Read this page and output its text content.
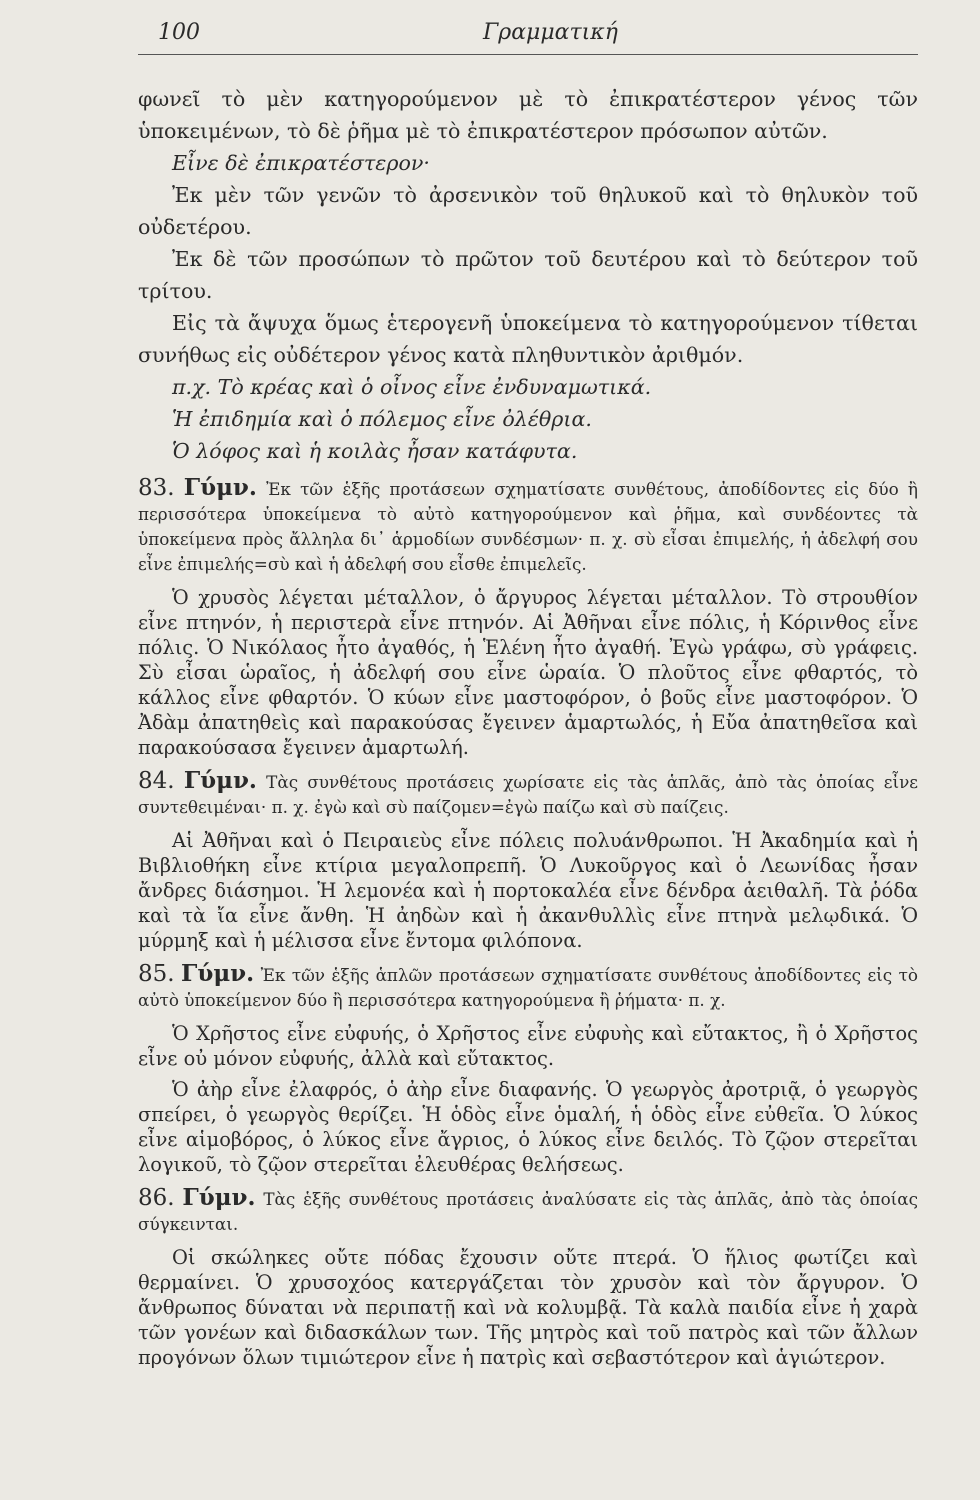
100	Γραμματική

φωνεῖ τὸ μὲν κατηγορούμενον μὲ τὸ ἐπικρατέστερον γένος τῶν ὑποκειμένων, τὸ δὲ ῥῆμα μὲ τὸ ἐπικρατέστερον πρόσωπον αὐτῶν.

Εἶνε δὲ ἐπικρατέστερον·

Ἐκ μὲν τῶν γενῶν τὸ ἀρσενικὸν τοῦ θηλυκοῦ καὶ τὸ θηλυκὸν τοῦ οὐδετέρου.

Ἐκ δὲ τῶν προσώπων τὸ πρῶτον τοῦ δευτέρου καὶ τὸ δεύτερον τοῦ τρίτου.

Εἰς τὰ ἄψυχα ὅμως ἑτερογενῆ ὑποκείμενα τὸ κατηγορούμενον τίθεται συνήθως εἰς οὐδέτερον γένος κατὰ πληθυντικὸν ἀριθμόν.

π.χ. Τὸ κρέας καὶ ὁ οἶνος εἶνε ἐνδυναμωτικά.

Ἡ ἐπιδημία καὶ ὁ πόλεμος εἶνε ὀλέθρια.

Ὁ λόφος καὶ ἡ κοιλὰς ἦσαν κατάφυτα.

83. Γύμν. Ἐκ τῶν ἑξῆς προτάσεων σχηματίσατε συνθέτους, ἀποδίδοντες εἰς δύο ἢ περισσότερα ὑποκείμενα τὸ αὐτὸ κατηγορούμενον καὶ ῥῆμα, καὶ συνδέοντες τὰ ὑποκείμενα πρὸς ἄλληλα δι᾽ ἁρμοδίων συνδέσμων· π. χ. σὺ εἶσαι ἐπιμελής, ἡ ἀδελφή σου εἶνε ἐπιμελής=σὺ καὶ ἡ ἀδελφή σου εἶσθε ἐπιμελεῖς.

Ὁ χρυσὸς λέγεται μέταλλον, ὁ ἄργυρος λέγεται μέταλλον. Τὸ στρουθίον εἶνε πτηνόν, ἡ περιστερὰ εἶνε πτηνόν. Αἱ Ἀθῆναι εἶνε πόλις, ἡ Κόρινθος εἶνε πόλις. Ὁ Νικόλαος ἦτο ἀγαθός, ἡ Ἑλένη ἦτο ἀγαθή. Ἐγὼ γράφω, σὺ γράφεις. Σὺ εἶσαι ὡραῖος, ἡ ἀδελφή σου εἶνε ὡραία. Ὁ πλοῦτος εἶνε φθαρτός, τὸ κάλλος εἶνε φθαρτόν. Ὁ κύων εἶνε μαστοφόρον, ὁ βοῦς εἶνε μαστοφόρον. Ὁ Ἀδὰμ ἀπατηθεὶς καὶ παρακούσας ἔγεινεν ἁμαρτωλός, ἡ Εὔα ἀπατηθεῖσα καὶ παρακούσασα ἔγεινεν ἁμαρτωλή.

84. Γύμν. Τὰς συνθέτους προτάσεις χωρίσατε εἰς τὰς ἁπλᾶς, ἀπὸ τὰς ὁποίας εἶνε συντεθειμέναι· π. χ. ἐγὼ καὶ σὺ παίζομεν=ἐγὼ παίζω καὶ σὺ παίζεις.

Αἱ Ἀθῆναι καὶ ὁ Πειραιεὺς εἶνε πόλεις πολυάνθρωποι. Ἡ Ἀκαδημία καὶ ἡ Βιβλιοθήκη εἶνε κτίρια μεγαλοπρεπῆ. Ὁ Λυκοῦργος καὶ ὁ Λεωνίδας ἦσαν ἄνδρες διάσημοι. Ἡ λεμονέα καὶ ἡ πορτοκαλέα εἶνε δένδρα ἀειθαλῆ. Τὰ ῥόδα καὶ τὰ ἴα εἶνε ἄνθη. Ἡ ἀηδὼν καὶ ἡ ἀκανθυλλὶς εἶνε πτηνὰ μελῳδικά. Ὁ μύρμηξ καὶ ἡ μέλισσα εἶνε ἔντομα φιλόπονα.

85. Γύμν. Ἐκ τῶν ἑξῆς ἁπλῶν προτάσεων σχηματίσατε συνθέτους ἀποδίδοντες εἰς τὸ αὐτὸ ὑποκείμενον δύο ἢ περισσότερα κατηγορούμενα ἢ ῥήματα· π. χ.

Ὁ Χρῆστος εἶνε εὐφυής, ὁ Χρῆστος εἶνε εὐφυὴς καὶ εὔτακτος, ἢ ὁ Χρῆστος εἶνε οὐ μόνον εὐφυής, ἀλλὰ καὶ εὔτακτος.

Ὁ ἀὴρ εἶνε ἐλαφρός, ὁ ἀὴρ εἶνε διαφανής. Ὁ γεωργὸς ἀροτριᾷ, ὁ γεωργὸς σπείρει, ὁ γεωργὸς θερίζει. Ἡ ὁδὸς εἶνε ὁμαλή, ἡ ὁδὸς εἶνε εὐθεῖα. Ὁ λύκος εἶνε αἱμοβόρος, ὁ λύκος εἶνε ἄγριος, ὁ λύκος εἶνε δειλός. Τὸ ζῷον στερεῖται λογικοῦ, τὸ ζῷον στερεῖται ἐλευθέρας θελήσεως.

86. Γύμν. Τὰς ἑξῆς συνθέτους προτάσεις ἀναλύσατε εἰς τὰς ἁπλᾶς, ἀπὸ τὰς ὁποίας σύγκεινται.

Οἱ σκώληκες οὔτε πόδας ἔχουσιν οὔτε πτερά. Ὁ ἥλιος φωτίζει καὶ θερμαίνει. Ὁ χρυσοχόος κατεργάζεται τὸν χρυσὸν καὶ τὸν ἄργυρον. Ὁ ἄνθρωπος δύναται νὰ περιπατῇ καὶ νὰ κολυμβᾷ. Τὰ καλὰ παιδία εἶνε ἡ χαρὰ τῶν γονέων καὶ διδασκάλων των. Τῆς μητρὸς καὶ τοῦ πατρὸς καὶ τῶν ἄλλων προγόνων ὅλων τιμιώτερον εἶνε ἡ πατρὶς καὶ σεβαστότερον καὶ ἁγιώτερον.
